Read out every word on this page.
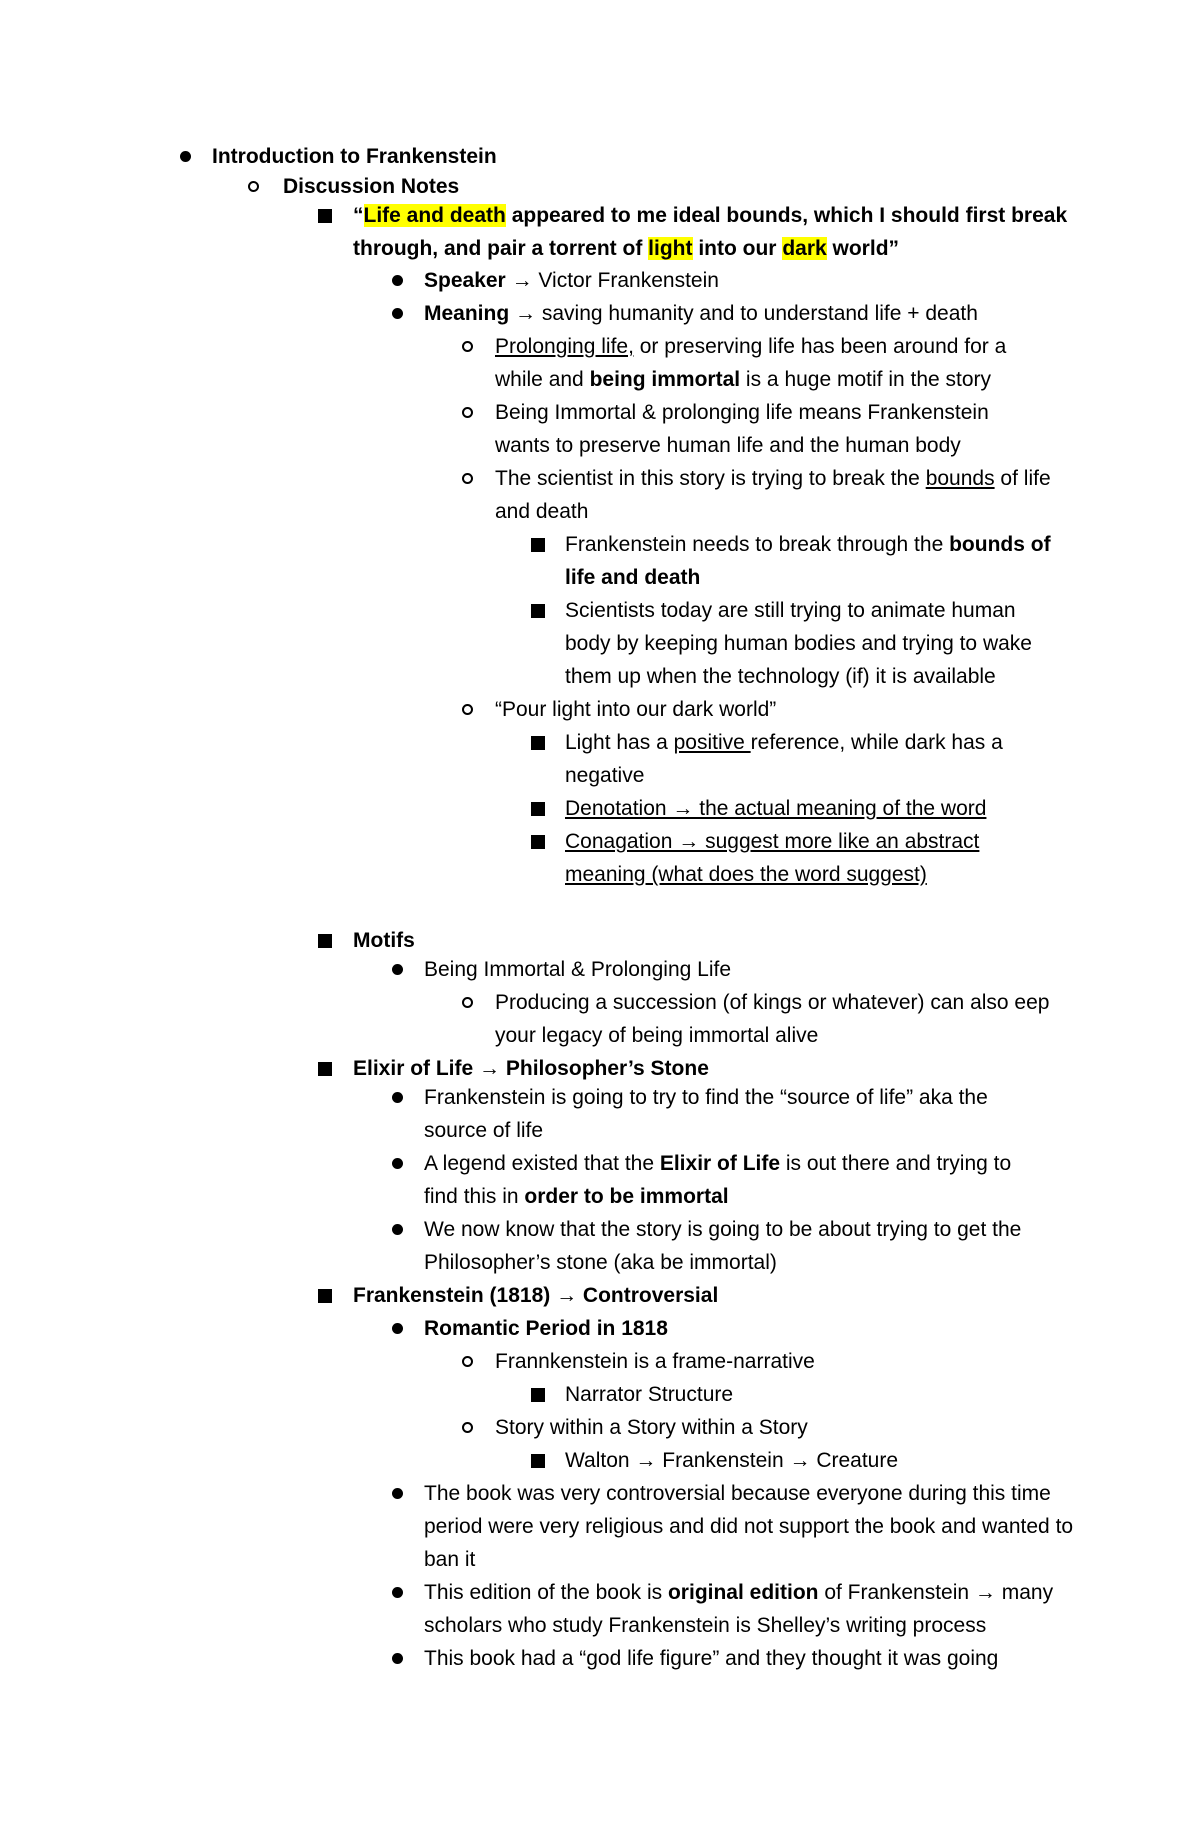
Introduction to Frankenstein

Discussion Notes

“Life and death appeared to me ideal bounds, which I should first break through, and pair a torrent of light into our dark world”

Speaker → Victor Frankenstein

Meaning → saving humanity and to understand life + death

Prolonging life, or preserving life has been around for a while and being immortal is a huge motif in the story

Being Immortal & prolonging life means Frankenstein wants to preserve human life and the human body

The scientist in this story is trying to break the bounds of life and death

Frankenstein needs to break through the bounds of life and death

Scientists today are still trying to animate human body by keeping human bodies and trying to wake them up when the technology (if) it is available

“Pour light into our dark world”

Light has a positive reference, while dark has a negative

Denotation → the actual meaning of the word

Conagation → suggest more like an abstract meaning (what does the word suggest)

Motifs

Being Immortal & Prolonging Life

Producing a succession (of kings or whatever) can also eep your legacy of being immortal alive

Elixir of Life → Philosopher’s Stone

Frankenstein is going to try to find the “source of life” aka the source of life

A legend existed that the Elixir of Life is out there and trying to find this in order to be immortal

We now know that the story is going to be about trying to get the Philosopher’s stone (aka be immortal)

Frankenstein (1818) → Controversial

Romantic Period in 1818

Frannkenstein is a frame-narrative

Narrator Structure

Story within a Story within a Story

Walton → Frankenstein → Creature

The book was very controversial because everyone during this time period were very religious and did not support the book and wanted to ban it

This edition of the book is original edition of Frankenstein → many scholars who study Frankenstein is Shelley’s writing process

This book had a “god life figure” and they thought it was going
